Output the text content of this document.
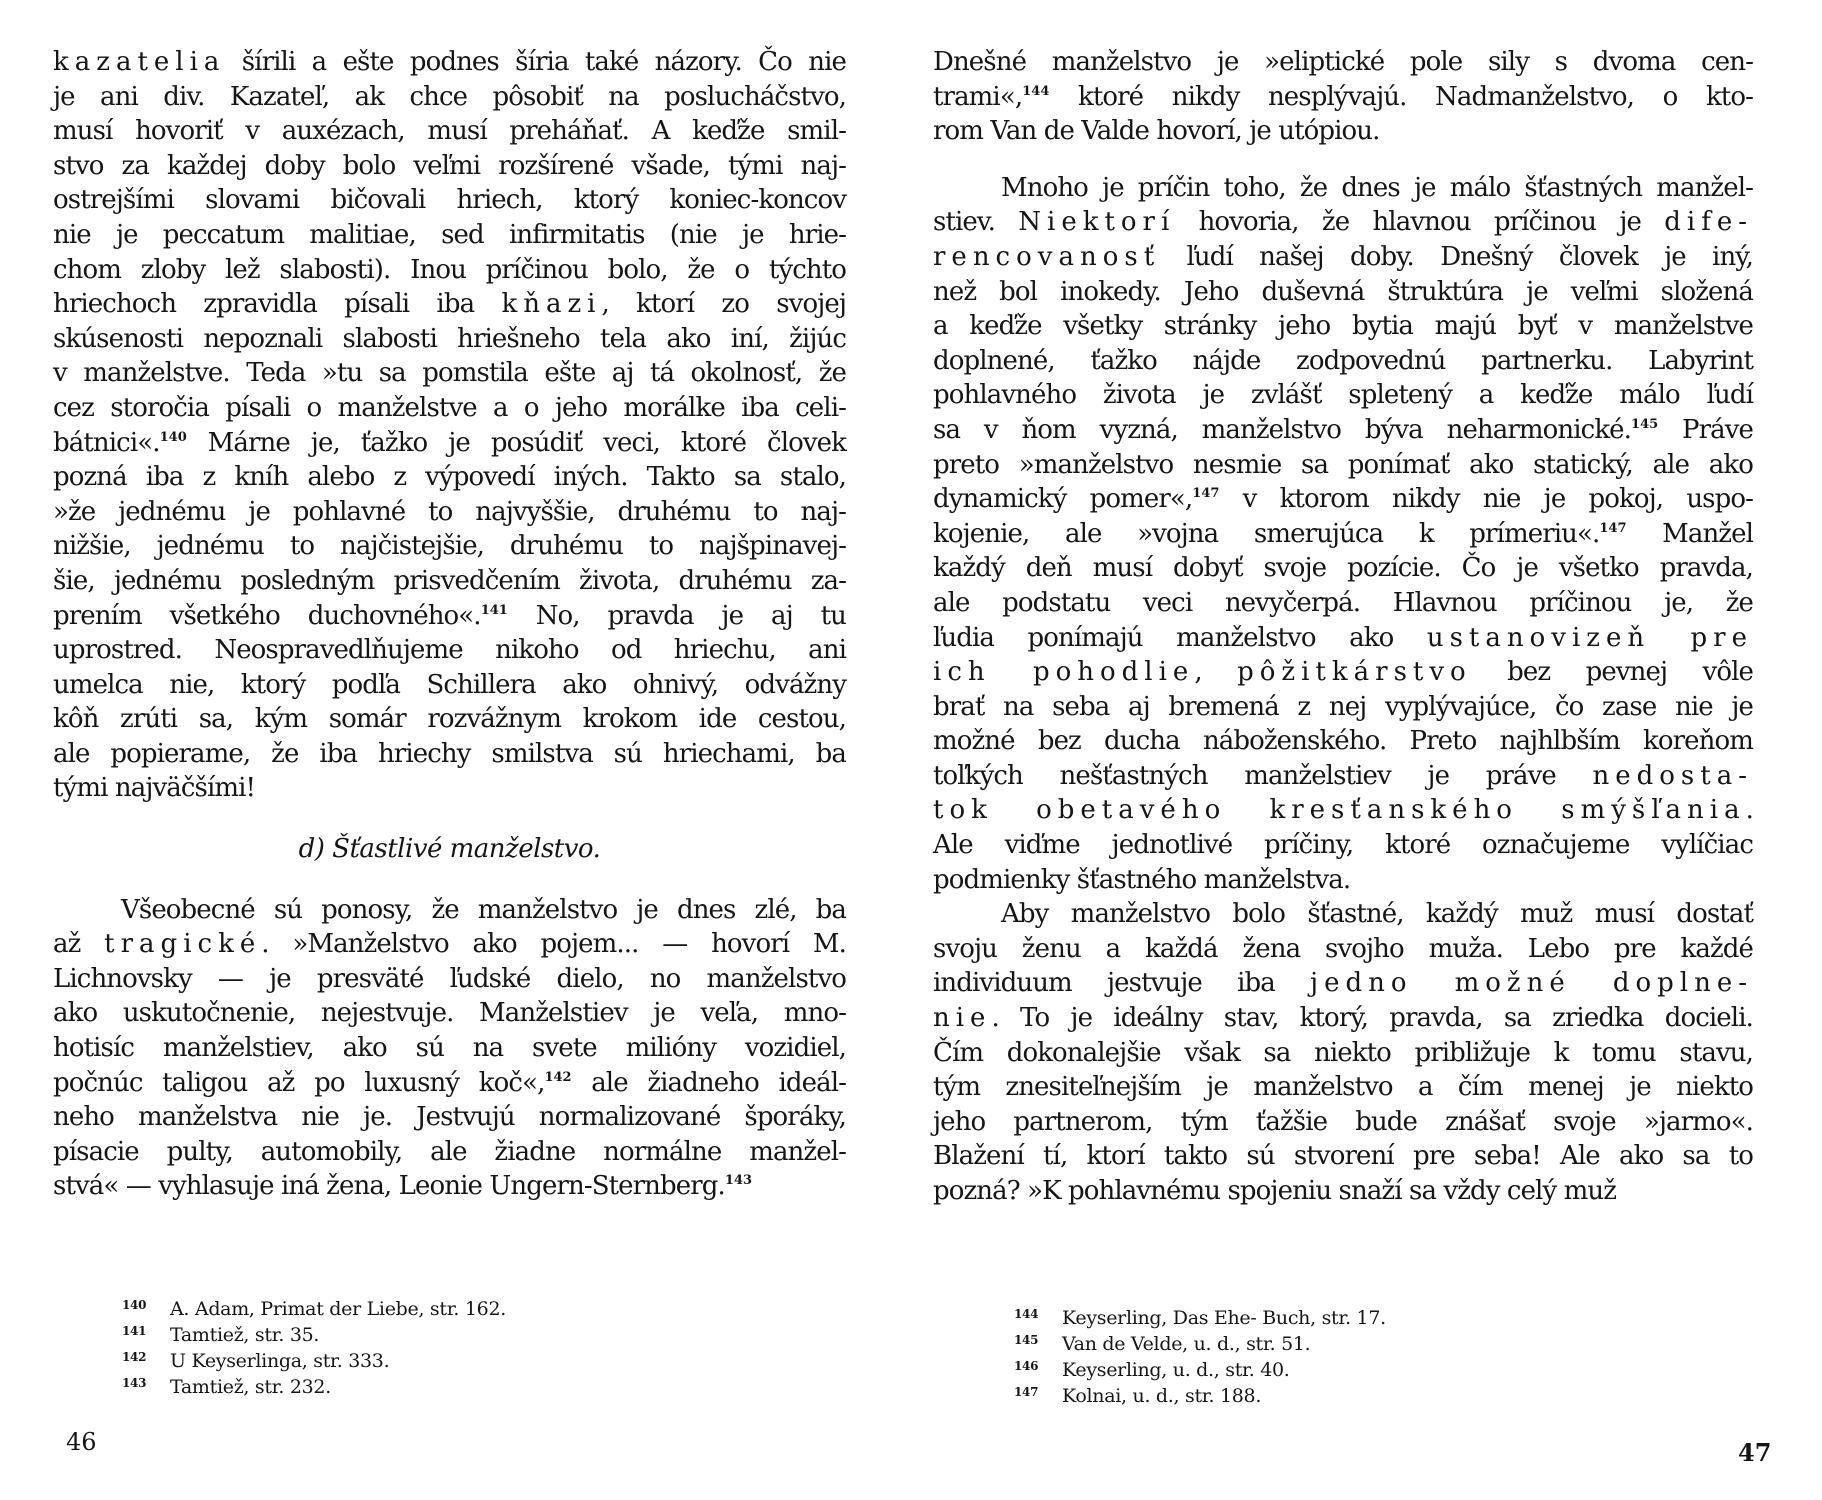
kazatelia šírili a ešte podnes šíria také názory. Čo nie
je ani div. Kazateľ, ak chce pôsobiť na poslucháčstvo,
musí hovoriť v auxézach, musí preháňať. A keďže smil-
stvo za každej doby bolo veľmi rozšírené všade, tými naj-
ostrejšími slovami bičovali hriech, ktorý koniec-koncov
nie je peccatum malitiae, sed infirmitatis (nie je hrie-
chom zloby lež slabosti). Inou príčinou bolo, že o týchto
hriechoch zpravidla písali iba kňazi, ktorí zo svojej
skúsenosti nepoznali slabosti hriešneho tela ako iní, žijúc
v manželstve. Teda »tu sa pomstila ešte aj tá okolnosť, že
cez storočia písali o manželstve a o jeho morálke iba celi-
bátnici«.$^{140}$ Márne je, ťažko je posúdiť veci, ktoré človek
pozná iba z kníh alebo z výpovedí iných. Takto sa stalo,
»že jednému je pohlavné to najvyššie, druhému to naj-
nižšie, jednému to najčistejšie, druhému to najšpinavej-
šie, jednému posledným prisvedčením života, druhému za-
prením všetkého duchovného«.$^{141}$ No, pravda je aj tu
uprostred. Neospravedlňujeme nikoho od hriechu, ani
umelca nie, ktorý podľa Schillera ako ohnivý, odvážny
kôň zrúti sa, kým somár rozvážnym krokom ide cestou,
ale popierame, že iba hriechy smilstva sú hriechami, ba
tými najväčšími!
d) Šťastlivé manželstvo.
Všeobecné sú ponosy, že manželstvo je dnes zlé, ba
až tragické. »Manželstvo ako pojem... — hovorí M.
Lichnovsky — je presväté ľudské dielo, no manželstvo
ako uskutočnenie, nejestvuje. Manželstiev je veľa, mno-
hotisíc manželstiev, ako sú na svete milióny vozidiel,
počnúc taligou až po luxusný koč«,$^{142}$ ale žiadneho ideál-
neho manželstva nie je. Jestvujú normalizované šporáky,
písacie pulty, automobily, ale žiadne normálne manžel-
stvá« — vyhlasuje iná žena, Leonie Ungern-Sternberg.$^{143}$
140 A. Adam, Primat der Liebe, str. 162.
141 Tamtiež, str. 35.
142 U Keyserlinga, str. 333.
143 Tamtiež, str. 232.
46
Dnešné manželstvo je »eliptické pole sily s dvoma cen-
trami«,$^{144}$ ktoré nikdy nesplývajú. Nadmanželstvo, o kto-
rom Van de Valde hovorí, je utópiou.
Mnoho je príčin toho, že dnes je málo šťastných manžel-
stiev. Niektorí hovoria, že hlavnou príčinou je dife-
rencovanosť ľudí našej doby. Dnešný človek je iný,
než bol inokedy. Jeho duševná štruktúra je veľmi složená
a keďže všetky stránky jeho bytia majú byť v manželstve
doplnené, ťažko nájde zodpovednú partnerku. Labyrint
pohlavného života je zvlášť spletený a keďže málo ľudí
sa v ňom vyzná, manželstvo býva neharmonické.$^{145}$ Práve
preto »manželstvo nesmie sa ponímať ako statický, ale ako
dynamický pomer«,$^{147}$ v ktorom nikdy nie je pokoj, uspo-
kojenie, ale »vojna smerujúca k prímeriu«.$^{147}$ Manžel
každý deň musí dobyť svoje pozície. Čo je všetko pravda,
ale podstatu veci nevyčerpá. Hlavnou príčinou je, že
ľudia ponímajú manželstvo ako ustanovizeň pre
ich pohodlie, pôžitkárstvo bez pevnej vôle
brať na seba aj bremená z nej vyplývajúce, čo zase nie je
možné bez ducha náboženského. Preto najhlbším koreňom
toľkých nešťastných manželstiev je práve nedosta-
tok obetavého kresťanského smýšľania.
Ale viďme jednotlivé príčiny, ktoré označujeme vylíčiac
podmienky šťastného manželstva.
Aby manželstvo bolo šťastné, každý muž musí dostať
svoju ženu a každá žena svojho muža. Lebo pre každé
individuum jestvuje iba jedno možné doplne-
nie. To je ideálny stav, ktorý, pravda, sa zriedka docieli.
Čím dokonalejšie však sa niekto približuje k tomu stavu,
tým znesiteľnejším je manželstvo a čím menej je niekto
jeho partnerom, tým ťažšie bude znášať svoje »jarmo«.
Blažení tí, ktorí takto sú stvorení pre seba! Ale ako sa to
pozná? »K pohlavnému spojeniu snaží sa vždy celý muž
144 Keyserling, Das Ehe- Buch, str. 17.
145 Van de Velde, u. d., str. 51.
146 Keyserling, u. d., str. 40.
147 Kolnai, u. d., str. 188.
47
